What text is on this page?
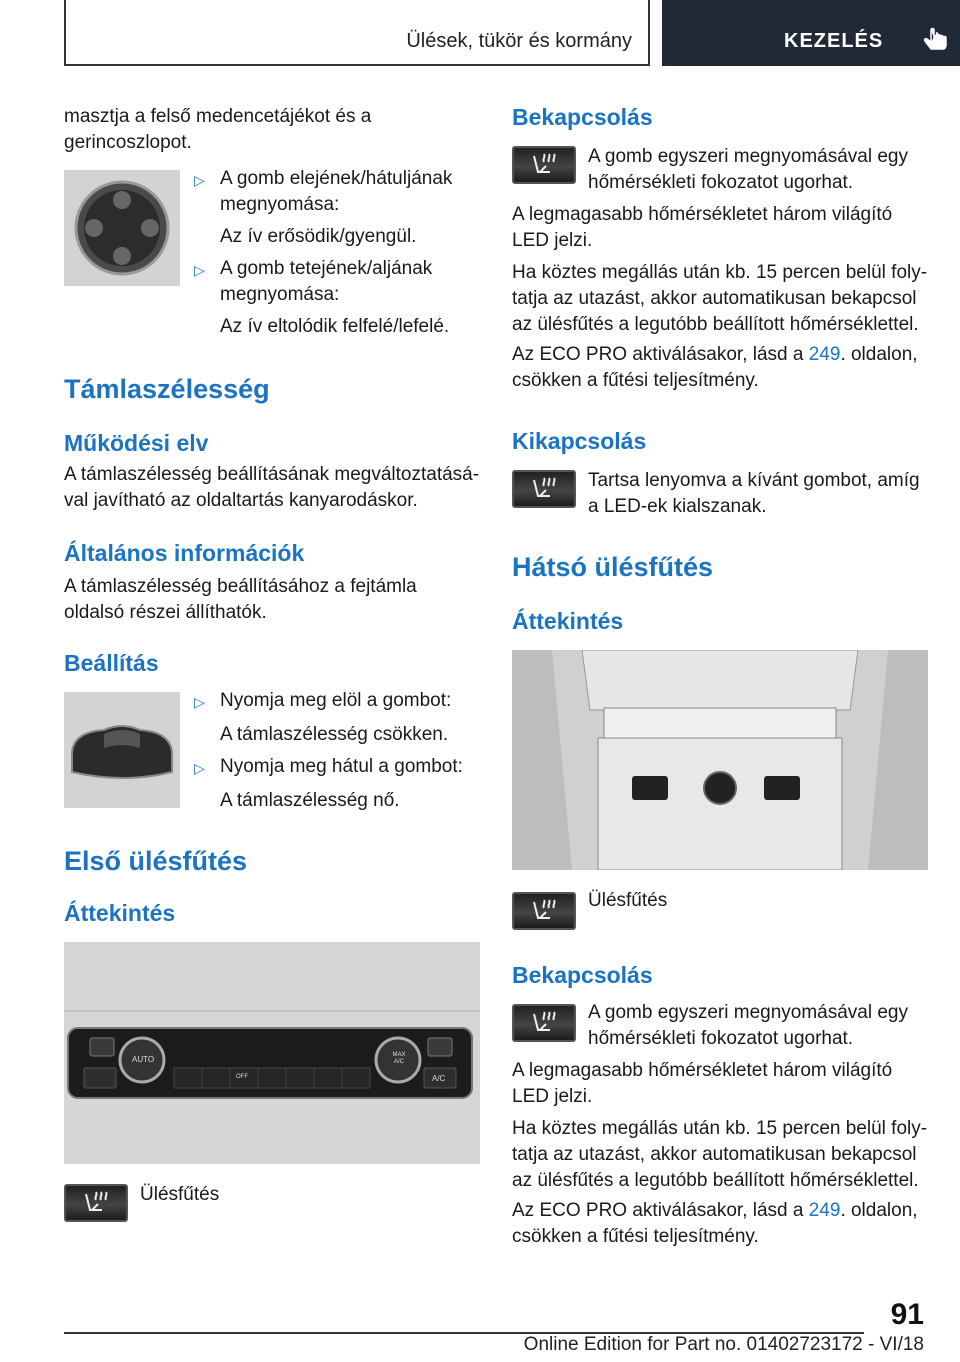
Ülések, tükör és kormány	KEZELÉS
masztja a felső medencetájékot és a gerincoszlopot.
▷ A gomb elejének/hátuljának megnyomása:
Az ív erősödik/gyengül.
▷ A gomb tetejének/aljának megnyomása:
Az ív eltolódik felfelé/lefelé.
Támlaszélesség
Működési elv
A támlaszélesség beállításának megváltoztatásá-val javítható az oldaltartás kanyarodáskor.
Általános információk
A támlaszélesség beállításához a fejtámla oldalsó részei állíthatók.
Beállítás
▷ Nyomja meg elöl a gombot:
A támlaszélesség csökken.
▷ Nyomja meg hátul a gombot:
A támlaszélesség nő.
Első ülésfűtés
Áttekintés
AUTO	MAX A/C
A/C
OFF
Ülésfűtés
Bekapcsolás
A gomb egyszeri megnyomásával egy hőmérsékleti fokozatot ugorhat.
A legmagasabb hőmérsékletet három világító LED jelzi.
Ha köztes megállás után kb. 15 percen belül foly-tatja az utazást, akkor automatikusan bekapcsol az ülésfűtés a legutóbb beállított hőmérséklettel.
Az ECO PRO aktiválásakor, lásd a 249. oldalon, csökken a fűtési teljesítmény.
Kikapcsolás
Tartsa lenyomva a kívánt gombot, amíg a LED-ek kialszanak.
Hátsó ülésfűtés
Áttekintés
Ülésfűtés
Bekapcsolás
A gomb egyszeri megnyomásával egy hőmérsékleti fokozatot ugorhat.
A legmagasabb hőmérsékletet három világító LED jelzi.
Ha köztes megállás után kb. 15 percen belül foly-tatja az utazást, akkor automatikusan bekapcsol az ülésfűtés a legutóbb beállított hőmérséklettel.
Az ECO PRO aktiválásakor, lásd a 249. oldalon, csökken a fűtési teljesítmény.
91
Online Edition for Part no. 01402723172 - VI/18
